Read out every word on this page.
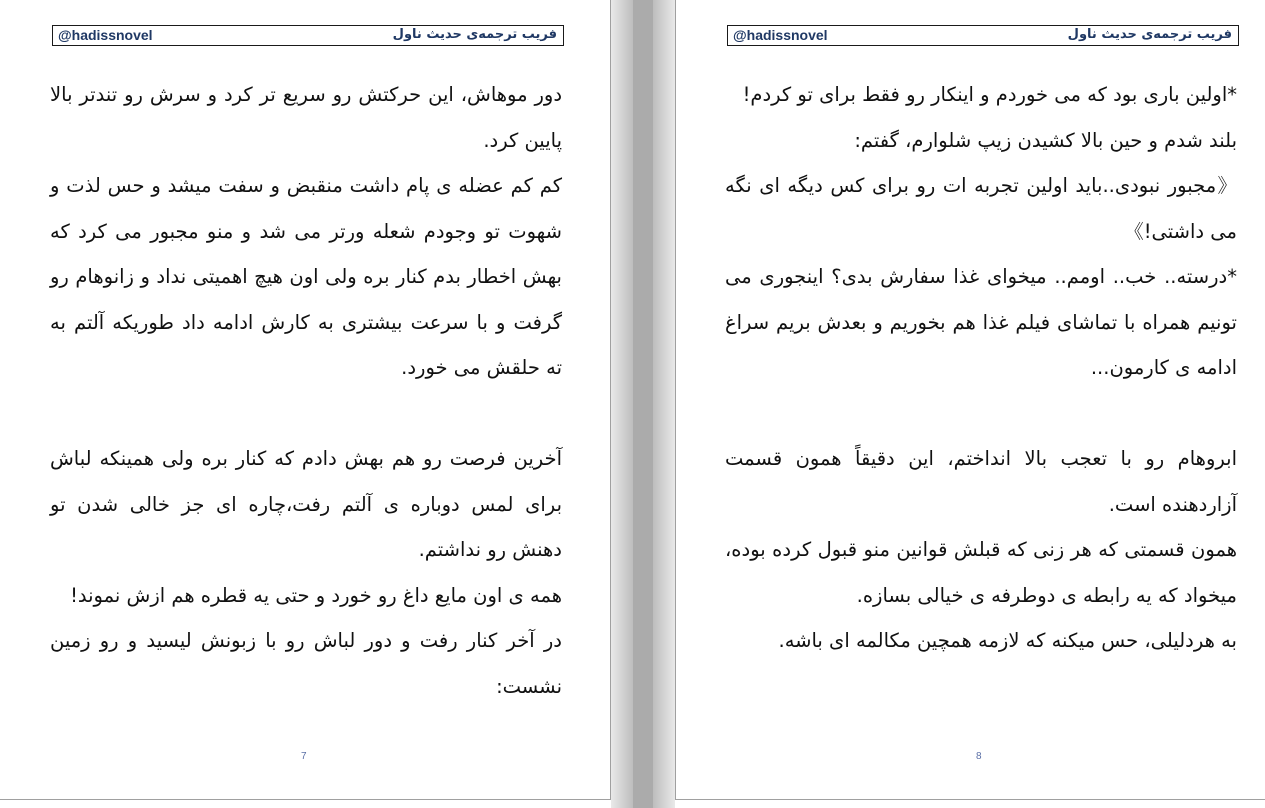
فریب ترجمه‌ی حدیث ناول
@hadissnovel

دور موهاش، این حرکتش رو سریع تر کرد و سرش رو تندتر بالا پایین کرد.

کم کم عضله ی پام داشت منقبض و سفت میشد و حس لذت و شهوت تو وجودم شعله ورتر می شد و منو مجبور می کرد که بهش اخطار بدم کنار بره ولی اون هیچ اهمیتی نداد و زانوهام رو گرفت و با سرعت بیشتری به کارش ادامه داد طوریکه آلتم به ته حلقش می خورد.

آخرین فرصت رو هم بهش دادم که کنار بره ولی همینکه لباش برای لمس دوباره ی آلتم رفت،چاره ای جز خالی شدن تو دهنش رو نداشتم.

همه ی اون مایع داغ رو خورد و حتی یه قطره هم ازش نموند!

در آخر کنار رفت و دور لباش رو با زبونش لیسید و رو زمین نشست:

7
فریب ترجمه‌ی حدیث ناول
@hadissnovel

*اولین باری بود که می خوردم و اینکار رو فقط برای تو کردم!

بلند شدم و حین بالا کشیدن زیپ شلوارم، گفتم:

《مجبور نبودی..باید اولین تجربه ات رو برای کس دیگه ای نگه می داشتی!》

*درسته.. خب.. اومم.. میخوای غذا سفارش بدی؟ اینجوری می تونیم همراه با تماشای فیلم غذا هم بخوریم و بعدش بریم سراغ ادامه ی کارمون...

ابروهام رو با تعجب بالا انداختم، این دقیقاً همون قسمت آزاردهنده است.

همون قسمتی که هر زنی که قبلش قوانین منو قبول کرده بوده، میخواد که یه رابطه ی دوطرفه ی خیالی بسازه.

به هردلیلی، حس میکنه که لازمه همچین مکالمه ای باشه.

8
